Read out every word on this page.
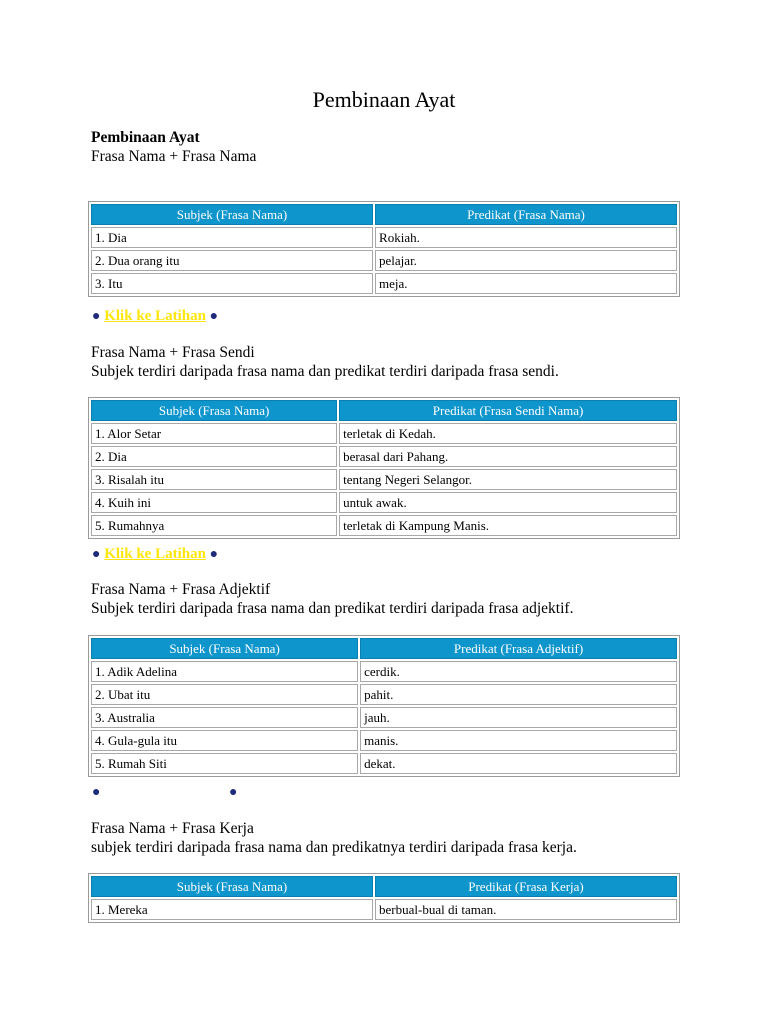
Pembinaan Ayat
Pembinaan Ayat
Frasa Nama + Frasa Nama
Subjek (Frasa Nama)	Predikat (Frasa Nama)
1. Dia	Rokiah.
2. Dua orang itu	pelajar.
3. Itu	meja.
● Klik ke Latihan ●
Frasa Nama + Frasa Sendi
Subjek terdiri daripada frasa nama dan predikat terdiri daripada frasa sendi.
Subjek (Frasa Nama)	Predikat (Frasa Sendi Nama)
1. Alor Setar	terletak di Kedah.
2. Dia	berasal dari Pahang.
3. Risalah itu	tentang Negeri Selangor.
4. Kuih ini	untuk awak.
5. Rumahnya	terletak di Kampung Manis.
● Klik ke Latihan ●
Frasa Nama + Frasa Adjektif
Subjek terdiri daripada frasa nama dan predikat terdiri daripada frasa adjektif.
Subjek (Frasa Nama)	Predikat (Frasa Adjektif)
1. Adik Adelina	cerdik.
2. Ubat itu	pahit.
3. Australia	jauh.
4. Gula-gula itu	manis.
5. Rumah Siti	dekat.
●	●
Frasa Nama + Frasa Kerja
subjek terdiri daripada frasa nama dan predikatnya terdiri daripada frasa kerja.
Subjek (Frasa Nama)	Predikat (Frasa Kerja)
1. Mereka	berbual-bual di taman.
